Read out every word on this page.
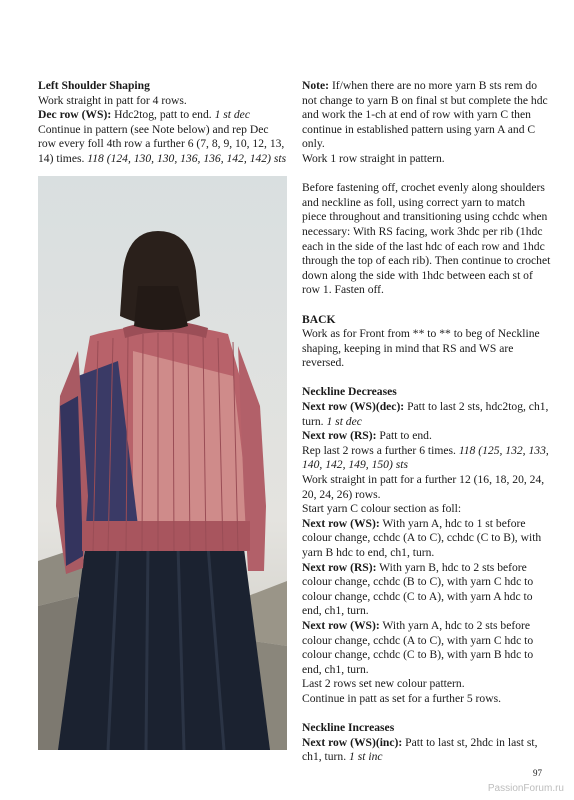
Left Shoulder Shaping

Work straight in patt for 4 rows.

Dec row (WS): Hdc2tog, patt to end. 1 st dec

Continue in pattern (see Note below) and rep Dec row every foll 4th row a further 6 (7, 8, 9, 10, 12, 13, 14) times. 118 (124, 130, 130, 136, 136, 142, 142) sts

Note: If/when there are no more yarn B sts rem do not change to yarn B on final st but complete the hdc and work the 1-ch at end of row with yarn C then continue in established pattern using yarn A and C only.

Work 1 row straight in pattern.

Before fastening off, crochet evenly along shoulders and neckline as foll, using correct yarn to match piece throughout and transitioning using cchdc when necessary: With RS facing, work 3hdc per rib (1hdc each in the side of the last hdc of each row and 1hdc through the top of each rib). Then continue to crochet down along the side with 1hdc between each st of row 1. Fasten off.

BACK

Work as for Front from ** to ** to beg of Neckline shaping, keeping in mind that RS and WS are reversed.

Neckline Decreases

Next row (WS)(dec): Patt to last 2 sts, hdc2tog, ch1, turn. 1 st dec

Next row (RS): Patt to end.

Rep last 2 rows a further 6 times. 118 (125, 132, 133, 140, 142, 149, 150) sts

Work straight in patt for a further 12 (16, 18, 20, 24, 20, 24, 26) rows.

Start yarn C colour section as foll:

Next row (WS): With yarn A, hdc to 1 st before colour change, cchdc (A to C), cchdc (C to B), with yarn B hdc to end, ch1, turn.

Next row (RS): With yarn B, hdc to 2 sts before colour change, cchdc (B to C), with yarn C hdc to colour change, cchdc (C to A), with yarn A hdc to end, ch1, turn.

Next row (WS): With yarn A, hdc to 2 sts before colour change, cchdc (A to C), with yarn C hdc to colour change, cchdc (C to B), with yarn B hdc to end, ch1, turn.

Last 2 rows set new colour pattern.

Continue in patt as set for a further 5 rows.

Neckline Increases

Next row (WS)(inc): Patt to last st, 2hdc in last st, ch1, turn. 1 st inc

97
PassionForum.ru
